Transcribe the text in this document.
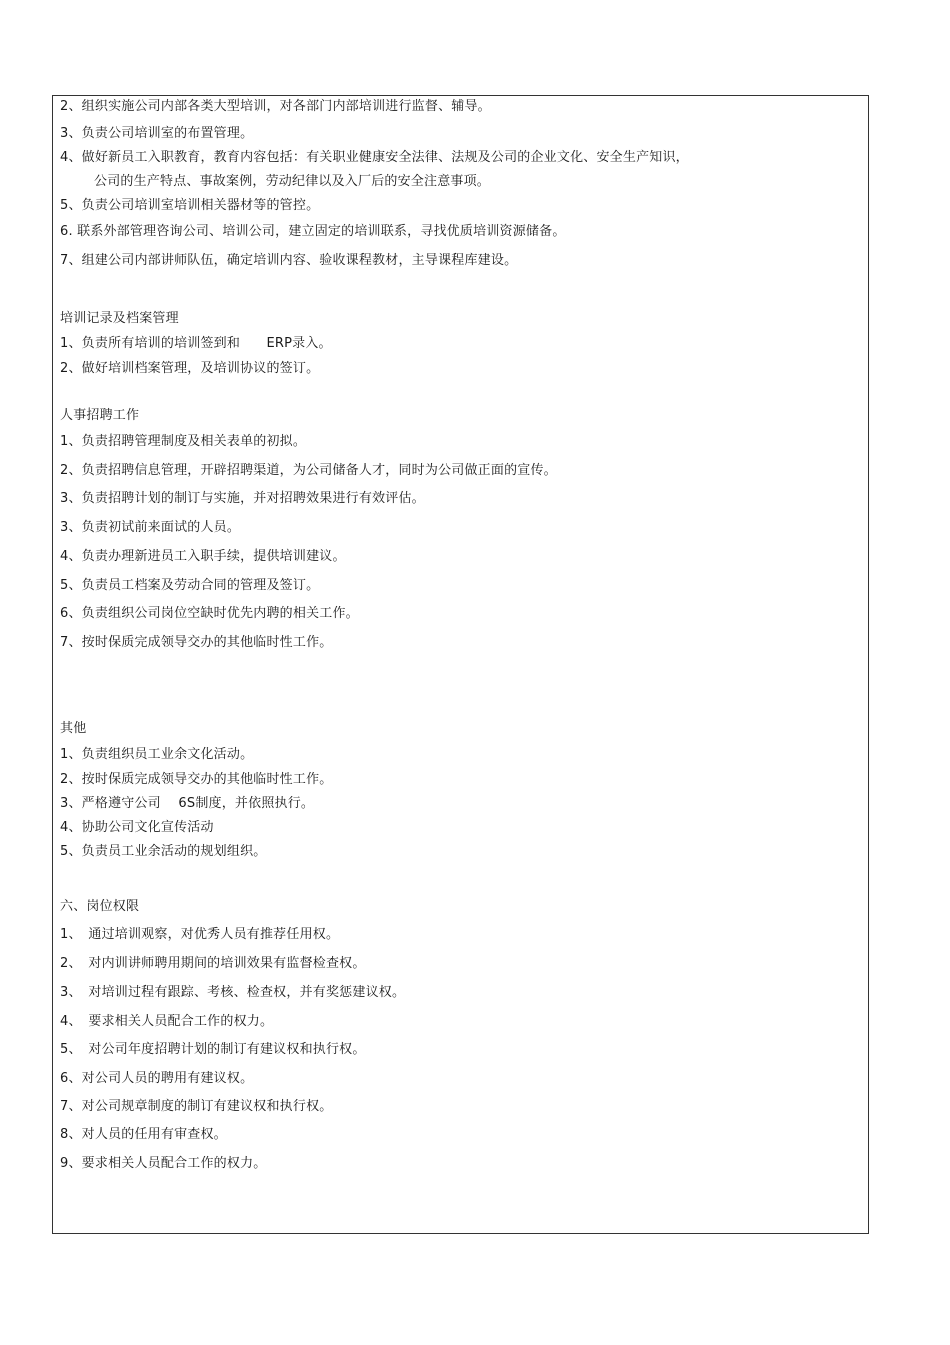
2、组织实施公司内部各类大型培训，对各部门内部培训进行监督、辅导。
3、负责公司培训室的布置管理。
4、做好新员工入职教育，教育内容包括：有关职业健康安全法律、法规及公司的企业文化、安全生产知识，
公司的生产特点、事故案例，劳动纪律以及入厂后的安全注意事项。
5、负责公司培训室培训相关器材等的管控。
6. 联系外部管理咨询公司、培训公司，建立固定的培训联系，寻找优质培训资源储备。
7、组建公司内部讲师队伍，确定培训内容、验收课程教材，主导课程库建设。
培训记录及档案管理
1、负责所有培训的培训签到和　　ERP录入。
2、做好培训档案管理，及培训协议的签订。
人事招聘工作
1、负责招聘管理制度及相关表单的初拟。
2、负责招聘信息管理，开辟招聘渠道，为公司储备人才，同时为公司做正面的宣传。
3、负责招聘计划的制订与实施，并对招聘效果进行有效评估。
3、负责初试前来面试的人员。
4、负责办理新进员工入职手续，提供培训建议。
5、负责员工档案及劳动合同的管理及签订。
6、负责组织公司岗位空缺时优先内聘的相关工作。
7、按时保质完成领导交办的其他临时性工作。
其他
1、负责组织员工业余文化活动。
2、按时保质完成领导交办的其他临时性工作。
3、严格遵守公司　 6S制度，并依照执行。
4、协助公司文化宣传活动
5、负责员工业余活动的规划组织。
六、岗位权限
1、　通过培训观察，对优秀人员有推荐任用权。
2、　对内训讲师聘用期间的培训效果有监督检查权。
3、　对培训过程有跟踪、考核、检查权，并有奖惩建议权。
4、　要求相关人员配合工作的权力。
5、　对公司年度招聘计划的制订有建议权和执行权。
6、对公司人员的聘用有建议权。
7、对公司规章制度的制订有建议权和执行权。
8、对人员的任用有审查权。
9、要求相关人员配合工作的权力。
